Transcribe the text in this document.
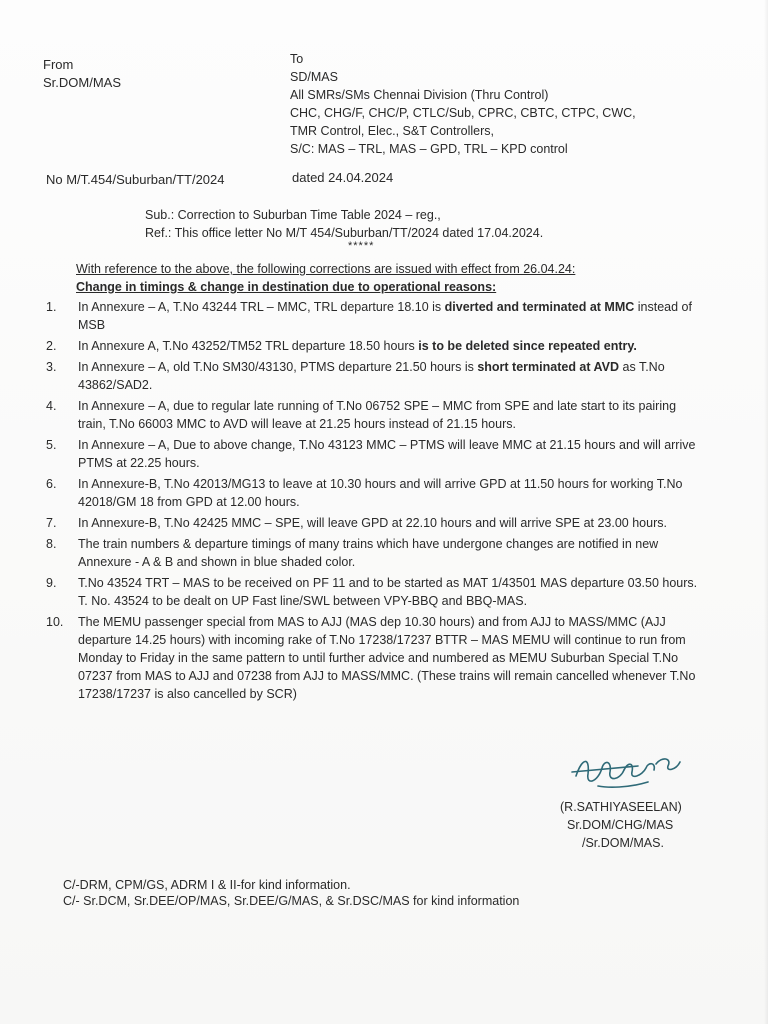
From
Sr.DOM/MAS
To
SD/MAS
All SMRs/SMs Chennai Division (Thru Control)
CHC, CHG/F, CHC/P, CTLC/Sub, CPRC, CBTC, CTPC, CWC,
TMR Control, Elec., S&T Controllers,
S/C: MAS – TRL, MAS – GPD, TRL – KPD control
No M/T.454/Suburban/TT/2024	dated 24.04.2024
Sub.: Correction to Suburban Time Table 2024 – reg.,
Ref.: This office letter No M/T 454/Suburban/TT/2024 dated 17.04.2024.
*****
With reference to the above, the following corrections are issued with effect from 26.04.24:
Change in timings & change in destination due to operational reasons:
1.	In Annexure – A, T.No 43244 TRL – MMC, TRL departure 18.10 is diverted and terminated at MMC instead of MSB
2.	In Annexure A, T.No 43252/TM52 TRL departure 18.50 hours is to be deleted since repeated entry.
3.	In Annexure – A, old T.No SM30/43130, PTMS departure 21.50 hours is short terminated at AVD as T.No 43862/SAD2.
4.	In Annexure – A, due to regular late running of T.No 06752 SPE – MMC from SPE and late start to its pairing train, T.No 66003 MMC to AVD will leave at 21.25 hours instead of 21.15 hours.
5.	In Annexure – A, Due to above change, T.No 43123 MMC – PTMS will leave MMC at 21.15 hours and will arrive PTMS at 22.25 hours.
6.	In Annexure-B, T.No 42013/MG13 to leave at 10.30 hours and will arrive GPD at 11.50 hours for working T.No 42018/GM 18 from GPD at 12.00 hours.
7.	In Annexure-B, T.No 42425 MMC – SPE, will leave GPD at 22.10 hours and will arrive SPE at 23.00 hours.
8.	The train numbers & departure timings of many trains which have undergone changes are notified in new Annexure - A & B and shown in blue shaded color.
9.	T.No 43524 TRT – MAS to be received on PF 11 and to be started as MAT 1/43501 MAS departure 03.50 hours. T. No. 43524 to be dealt on UP Fast line/SWL between VPY-BBQ and BBQ-MAS.
10.	The MEMU passenger special from MAS to AJJ (MAS dep 10.30 hours) and from AJJ to MASS/MMC (AJJ departure 14.25 hours) with incoming rake of T.No 17238/17237 BTTR – MAS MEMU will continue to run from Monday to Friday in the same pattern to until further advice and numbered as MEMU Suburban Special T.No 07237 from MAS to AJJ and 07238 from AJJ to MASS/MMC. (These trains will remain cancelled whenever T.No 17238/17237 is also cancelled by SCR)
(R.SATHIYASEELAN)
Sr.DOM/CHG/MAS
/Sr.DOM/MAS.
C/-DRM, CPM/GS, ADRM I & II-for kind information.
C/- Sr.DCM, Sr.DEE/OP/MAS, Sr.DEE/G/MAS, & Sr.DSC/MAS for kind information
